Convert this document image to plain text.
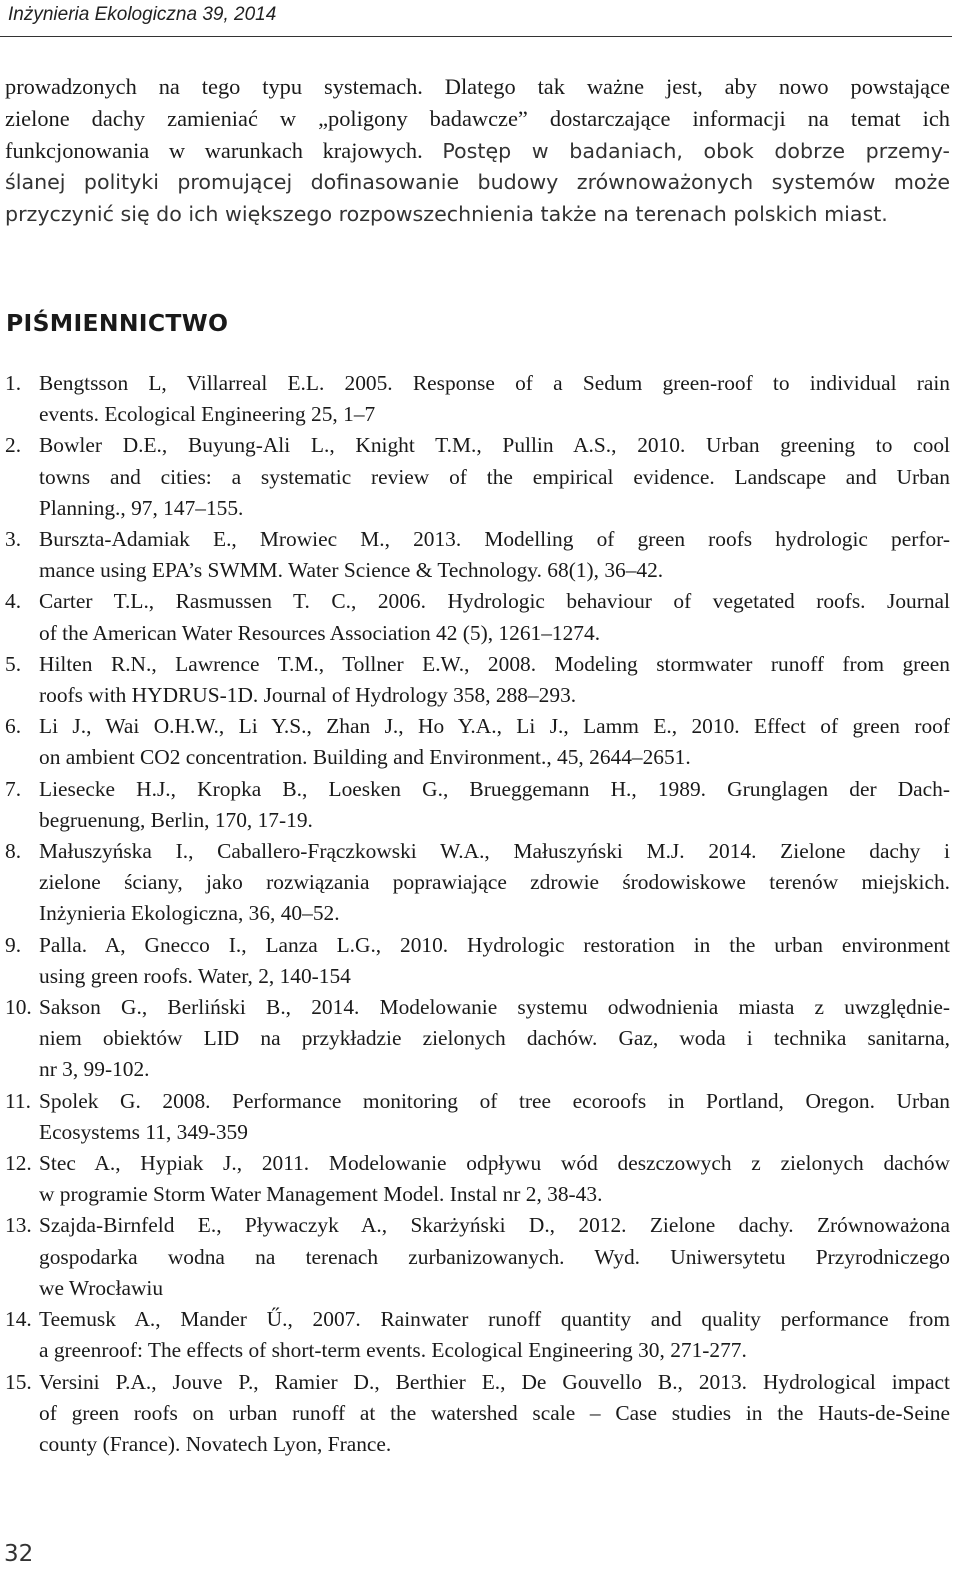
Inżynieria Ekologiczna 39, 2014
prowadzonych na tego typu systemach. Dlatego tak ważne jest, aby nowo powstające
zielone dachy zamieniać w „poligony badawcze” dostarczające informacji na temat ich
funkcjonowania w warunkach krajowych. Postęp w badaniach, obok dobrze przemy-
ślanej polityki promującej dofinasowanie budowy zrównoważonych systemów może
przyczynić się do ich większego rozpowszechnienia także na terenach polskich miast.
PIŚMIENNICTWO
1. Bengtsson L, Villarreal E.L. 2005. Response of a Sedum green-roof to individual rain
events. Ecological Engineering 25, 1–7
2. Bowler D.E., Buyung-Ali L., Knight T.M., Pullin A.S., 2010. Urban greening to cool
towns and cities: a systematic review of the empirical evidence. Landscape and Urban
Planning., 97, 147–155.
3. Burszta-Adamiak E., Mrowiec M., 2013. Modelling of green roofs hydrologic perfor-
mance using EPA’s SWMM. Water Science & Technology. 68(1), 36–42.
4. Carter T.L., Rasmussen T. C., 2006. Hydrologic behaviour of vegetated roofs. Journal
of the American Water Resources Association 42 (5), 1261–1274.
5. Hilten R.N., Lawrence T.M., Tollner E.W., 2008. Modeling stormwater runoff from green
roofs with HYDRUS-1D. Journal of Hydrology 358, 288–293.
6. Li J., Wai O.H.W., Li Y.S., Zhan J., Ho Y.A., Li J., Lamm E., 2010. Effect of green roof
on ambient CO2 concentration. Building and Environment., 45, 2644–2651.
7. Liesecke H.J., Kropka B., Loesken G., Brueggemann H., 1989. Grunglagen der Dach-
begruenung, Berlin, 170, 17-19.
8. Małuszyńska I., Caballero-Frączkowski W.A., Małuszyński M.J. 2014. Zielone dachy i
zielone ściany, jako rozwiązania poprawiające zdrowie środowiskowe terenów miejskich.
Inżynieria Ekologiczna, 36, 40–52.
9. Palla. A, Gnecco I., Lanza L.G., 2010. Hydrologic restoration in the urban environment
using green roofs. Water, 2, 140-154
10. Sakson G., Berliński B., 2014. Modelowanie systemu odwodnienia miasta z uwzględnie-
niem obiektów LID na przykładzie zielonych dachów. Gaz, woda i technika sanitarna,
nr 3, 99-102.
11. Spolek G. 2008. Performance monitoring of tree ecoroofs in Portland, Oregon. Urban
Ecosystems 11, 349-359
12. Stec A., Hypiak J., 2011. Modelowanie odpływu wód deszczowych z zielonych dachów
w programie Storm Water Management Model. Instal nr 2, 38-43.
13. Szajda-Birnfeld E., Pływaczyk A., Skarżyński D., 2012. Zielone dachy. Zrównoważona
gospodarka wodna na terenach zurbanizowanych. Wyd. Uniwersytetu Przyrodniczego
we Wrocławiu
14. Teemusk A., Mander Ű., 2007. Rainwater runoff quantity and quality performance from
a greenroof: The effects of short-term events. Ecological Engineering 30, 271-277.
15. Versini P.A., Jouve P., Ramier D., Berthier E., De Gouvello B., 2013. Hydrological impact
of green roofs on urban runoff at the watershed scale – Case studies in the Hauts-de-Seine
county (France). Novatech Lyon, France.
32
